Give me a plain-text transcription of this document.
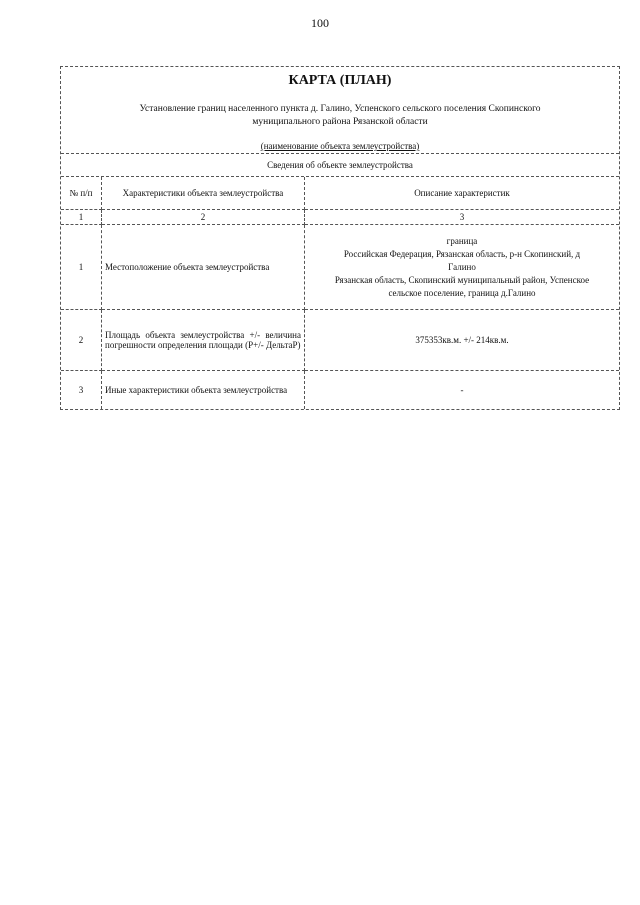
100
КАРТА (ПЛАН)
Установление границ населенного пункта д. Галино, Успенского сельского поселения Скопинского
муниципального района Рязанской области
(наименование объекта землеустройства)
Сведения об объекте землеустройства
№ п/п	Характеристики объекта землеустройства	Описание характеристик
1	2	3
1	Местоположение объекта землеустройства	граница
Российская Федерация, Рязанская область, р-н Скопинский, д
Галино
Рязанская область, Скопинский муниципальный район, Успенское
сельское поселение, граница д.Галино

2	Площадь объекта землеустройства +/- величина погрешности определения площади (P+/- ДельтаР)	375353кв.м. +/- 214кв.м.
3	Иные характеристики объекта землеустройства	-
